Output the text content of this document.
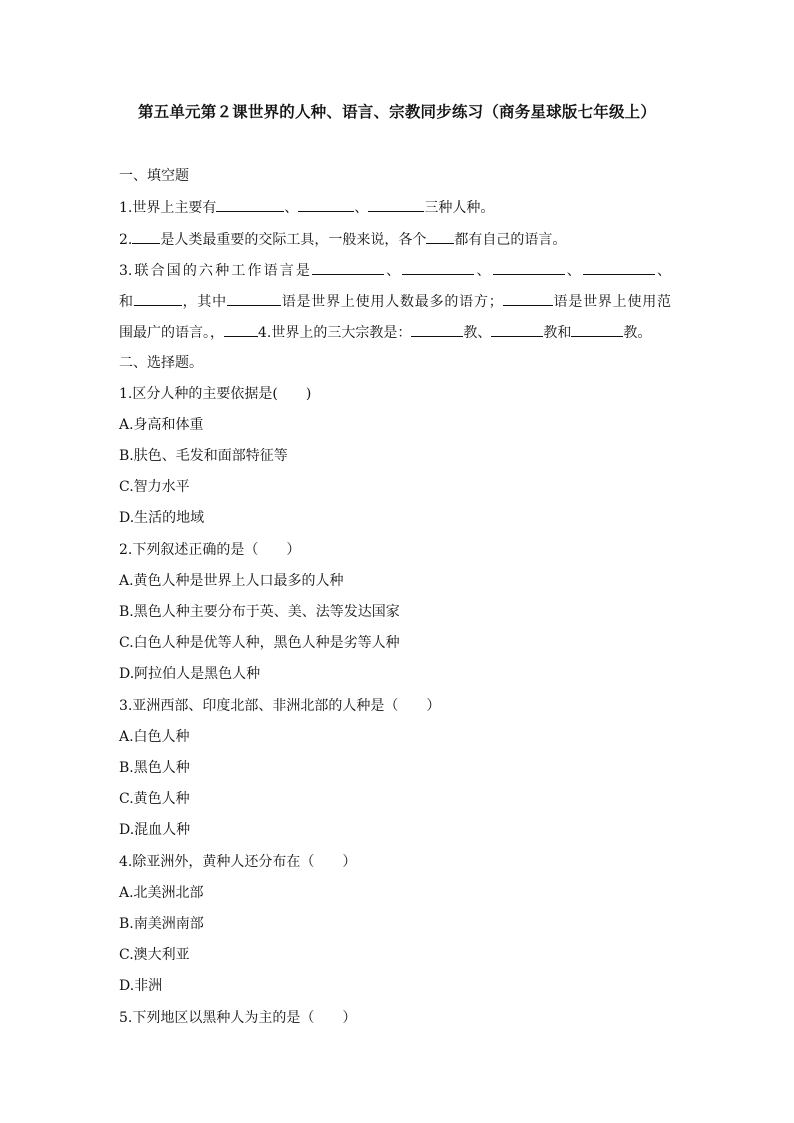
第五单元第２课世界的人种、语言、宗教同步练习（商务星球版七年级上）
一、填空题
1.世界上主要有	、	、	三种人种。
2. 是人类最重要的交际工具，一般来说，各个 都有自己的语言。
3.联合国的六种工作语言是	、	、	、	、
和	，其中	语是世界上使用人数最多的语方；	语是世界上使用范
围最广的语言。， 4.世界上的三大宗教是：	教、	教和	教。
二、选择题。
1.区分人种的主要依据是(　　)
A.身高和体重
B.肤色、毛发和面部特征等
C.智力水平
D.生活的地域
2.下列叙述正确的是（　　）
A.黄色人种是世界上人口最多的人种
B.黑色人种主要分布于英、美、法等发达国家
C.白色人种是优等人种，黑色人种是劣等人种
D.阿拉伯人是黑色人种
3.亚洲西部、印度北部、非洲北部的人种是（　　）
A.白色人种
B.黑色人种
C.黄色人种
D.混血人种
4.除亚洲外，黄种人还分布在（　　）
A.北美洲北部
B.南美洲南部
C.澳大利亚
D.非洲
5.下列地区以黑种人为主的是（　　）
